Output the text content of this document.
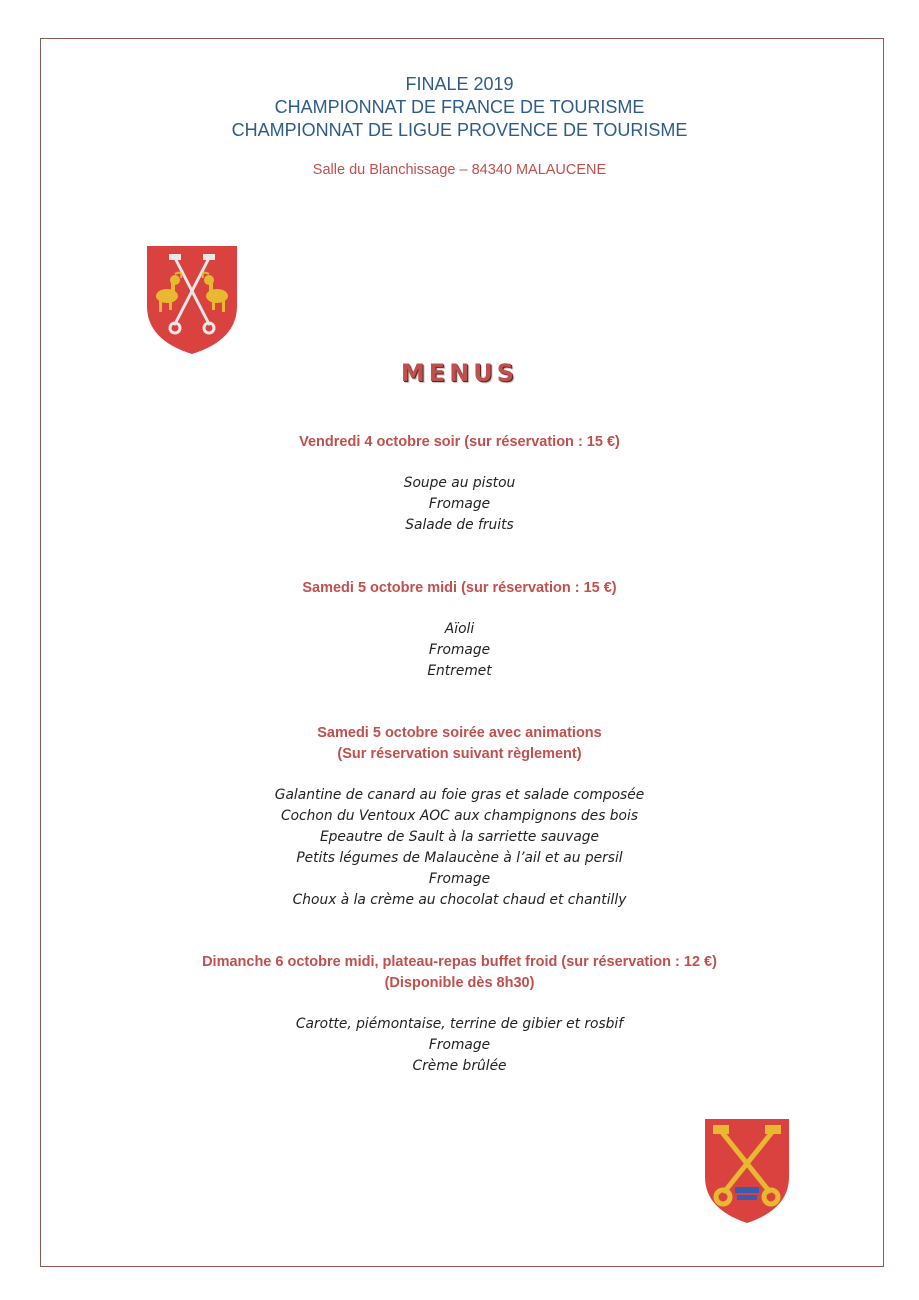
FINALE 2019
CHAMPIONNAT DE FRANCE DE TOURISME
CHAMPIONNAT DE LIGUE PROVENCE DE TOURISME
Salle du Blanchissage – 84340 MALAUCENE
MENUS
Vendredi 4 octobre soir (sur réservation : 15 €)
Soupe au pistou
Fromage
Salade de fruits
Samedi 5 octobre midi (sur réservation : 15 €)
Aïoli
Fromage
Entremet
Samedi 5 octobre soirée avec animations
(Sur réservation suivant règlement)
Galantine de canard au foie gras et salade composée
Cochon du Ventoux AOC aux champignons des bois
Epeautre de Sault à la sarriette sauvage
Petits légumes de Malaucène à l’ail et au persil
Fromage
Choux à la crème au chocolat chaud et chantilly
Dimanche 6 octobre midi, plateau-repas buffet froid (sur réservation : 12 €)
(Disponible dès 8h30)
Carotte, piémontaise, terrine de gibier et rosbif
Fromage
Crème brûlée
